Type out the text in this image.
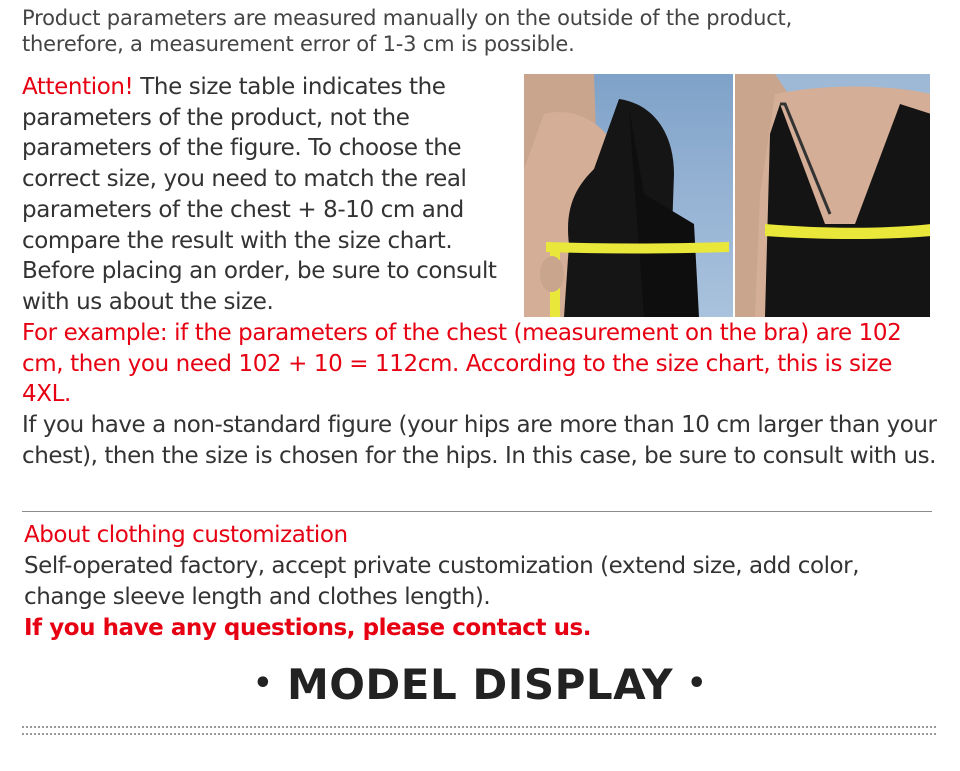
Product parameters are measured manually on the outside of the product,
therefore, a measurement error of 1-3 cm is possible.
Attention! The size table indicates the parameters of the product, not the parameters of the figure. To choose the correct size, you need to match the real parameters of the chest + 8-10 cm and compare the result with the size chart. Before placing an order, be sure to consult with us about the size.
For example: if the parameters of the chest (measurement on the bra) are 102 cm, then you need 102 + 10 = 112cm. According to the size chart, this is size 4XL.
If you have a non-standard figure (your hips are more than 10 cm larger than your chest), then the size is chosen for the hips. In this case, be sure to consult with us.
About clothing customization
Self-operated factory, accept private customization (extend size, add color, change sleeve length and clothes length).
If you have any questions, please contact us.
• MODEL DISPLAY •
